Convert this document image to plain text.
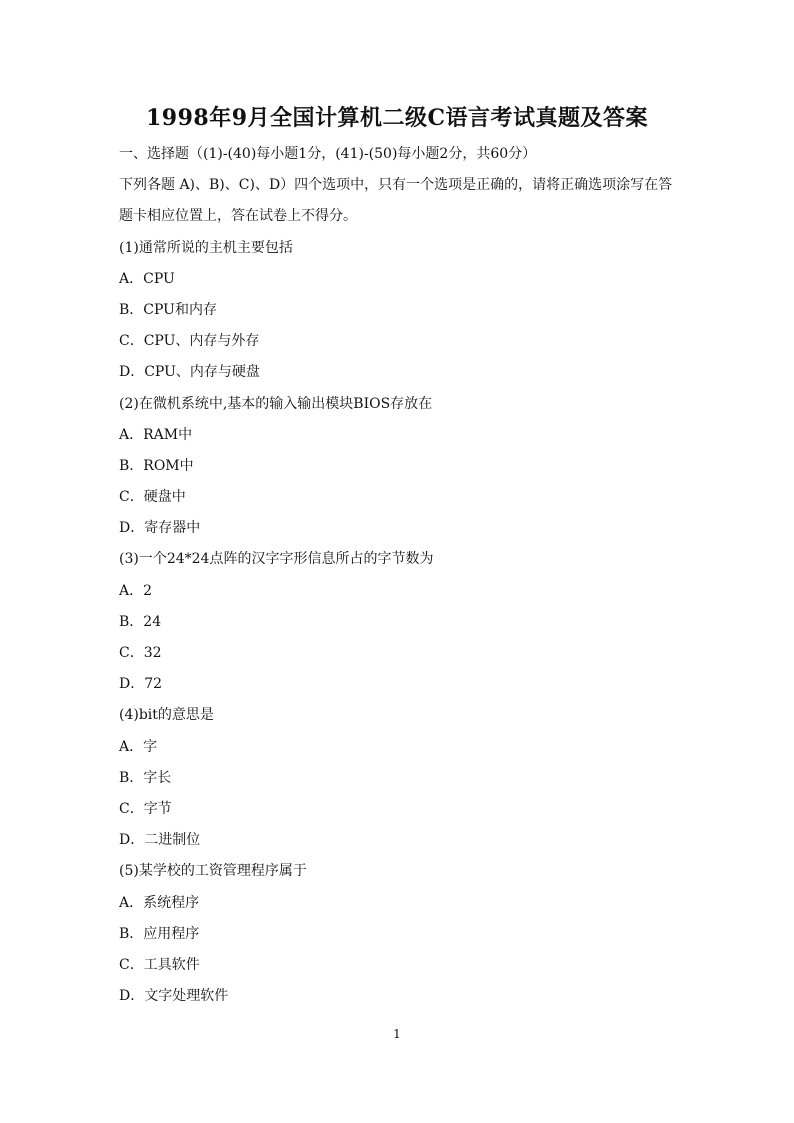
1998年9月全国计算机二级C语言考试真题及答案
一、选择题（(1)-(40)每小题1分，(41)-(50)每小题2分，共60分）
下列各题 A)、B)、C)、D）四个选项中，只有一个选项是正确的，请将正确选项涂写在答
题卡相应位置上，答在试卷上不得分。
(1)通常所说的主机主要包括
A．CPU
B．CPU和内存
C．CPU、内存与外存
D．CPU、内存与硬盘
(2)在微机系统中,基本的输入输出模块BIOS存放在
A．RAM中
B．ROM中
C．硬盘中
D．寄存器中
(3)一个24*24点阵的汉字字形信息所占的字节数为
A．2
B．24
C．32
D．72
(4)bit的意思是
A．字
B．字长
C．字节
D．二进制位
(5)某学校的工资管理程序属于
A．系统程序
B．应用程序
C．工具软件
D．文字处理软件
1
